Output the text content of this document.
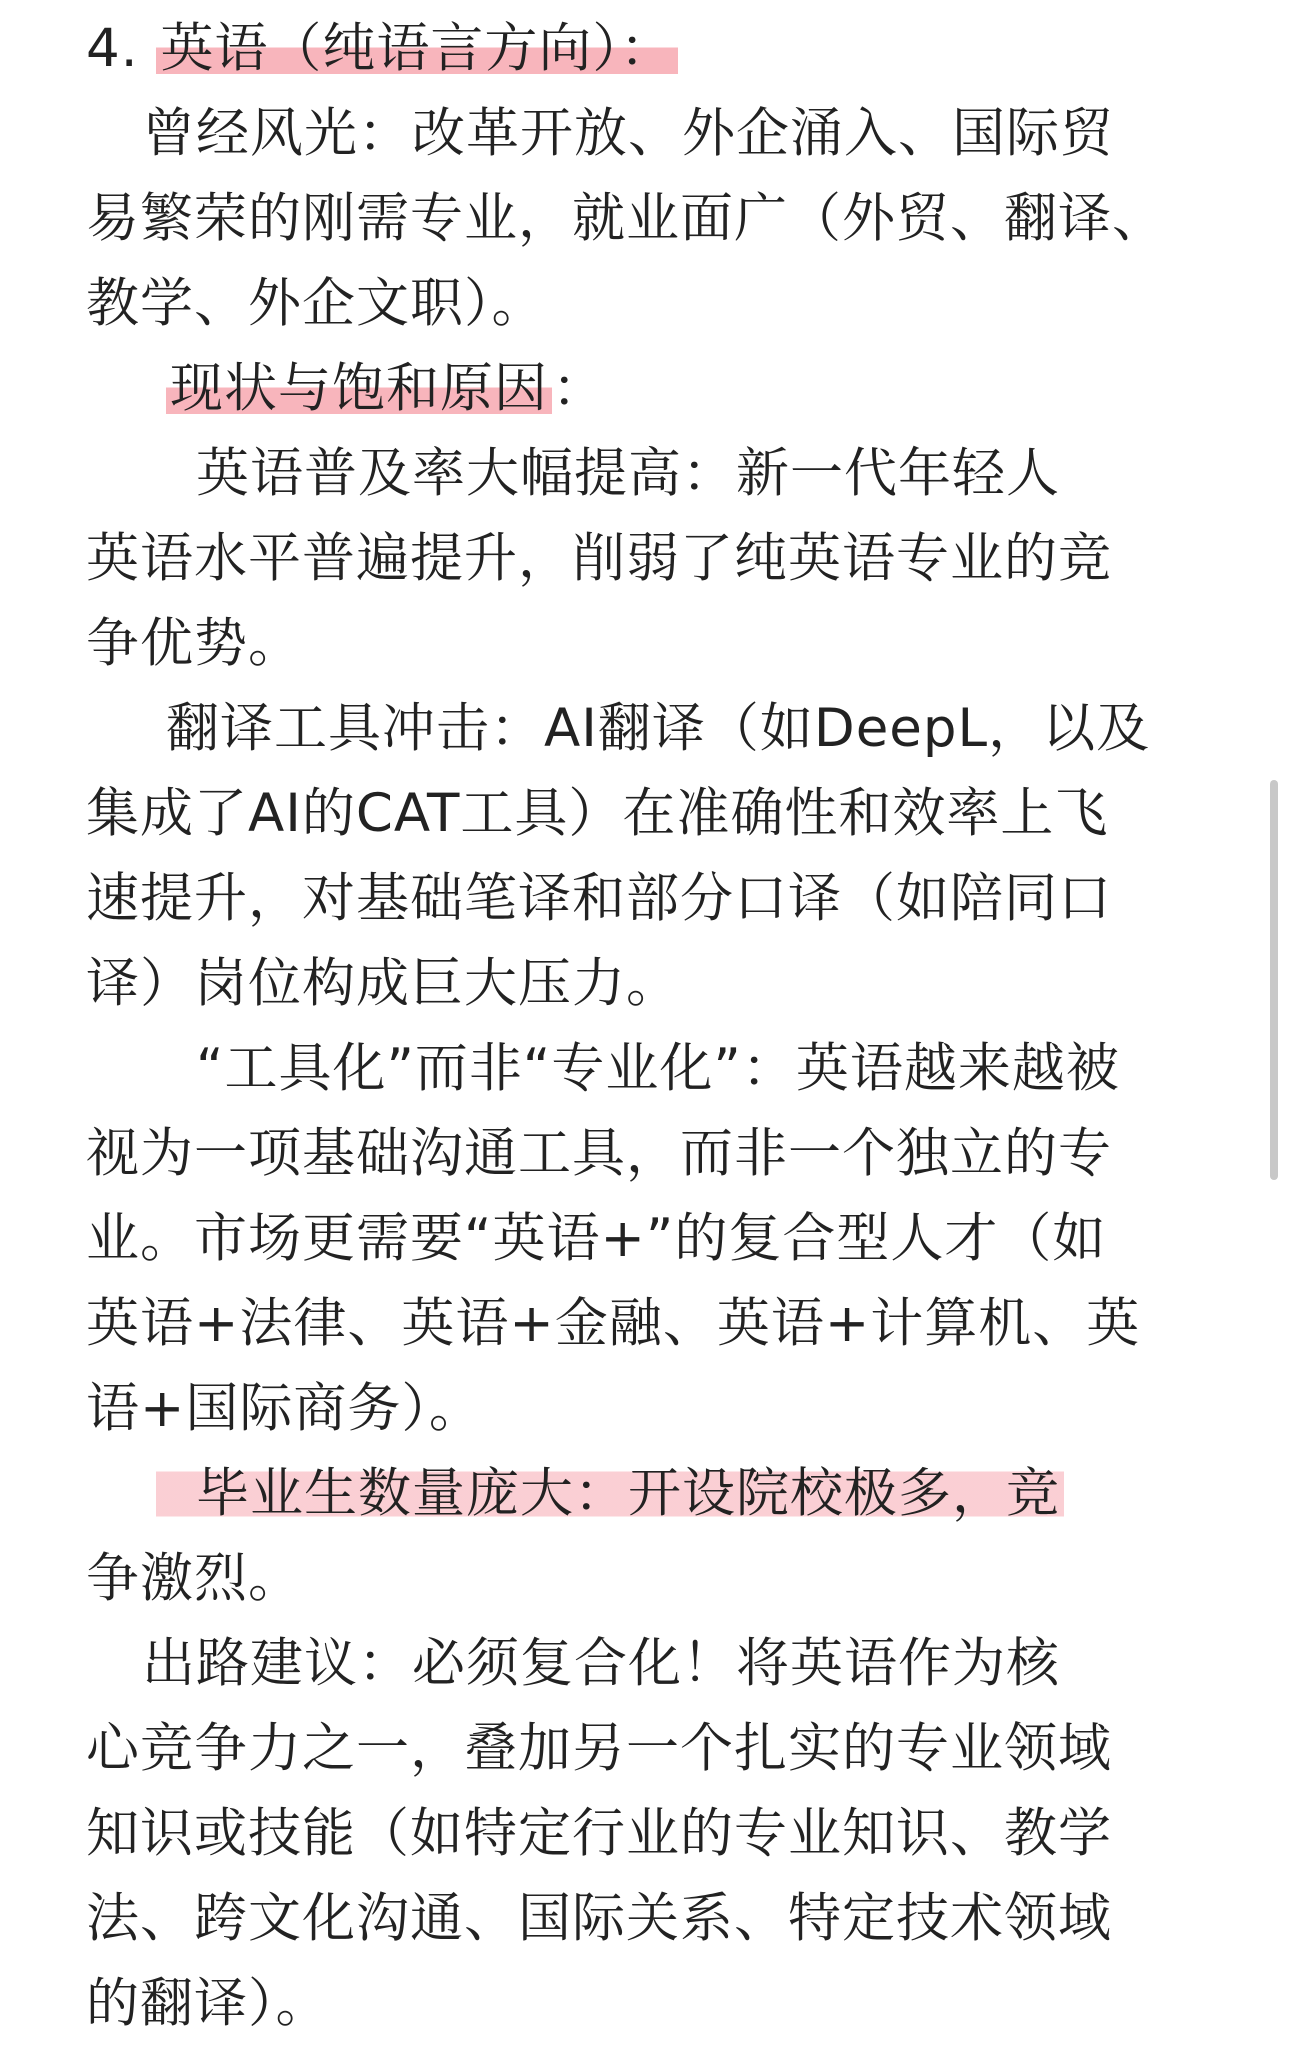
4. 英语（纯语言方向）：
曾经风光：改革开放、外企涌入、国际贸
易繁荣的刚需专业，就业面广（外贸、翻译、
教学、外企文职）。
现状与饱和原因：
英语普及率大幅提高：新一代年轻人
英语水平普遍提升，削弱了纯英语专业的竞
争优势。
翻译工具冲击：AI翻译（如DeepL，以及
集成了AI的CAT工具）在准确性和效率上飞
速提升，对基础笔译和部分口译（如陪同口
译）岗位构成巨大压力。
“工具化”而非“专业化”：英语越来越被
视为一项基础沟通工具，而非一个独立的专
业。市场更需要“英语+”的复合型人才（如
英语+法律、英语+金融、英语+计算机、英
语+国际商务）。
毕业生数量庞大：开设院校极多，竞
争激烈。
出路建议：必须复合化！将英语作为核
心竞争力之一，叠加另一个扎实的专业领域
知识或技能（如特定行业的专业知识、教学
法、跨文化沟通、国际关系、特定技术领域
的翻译）。
